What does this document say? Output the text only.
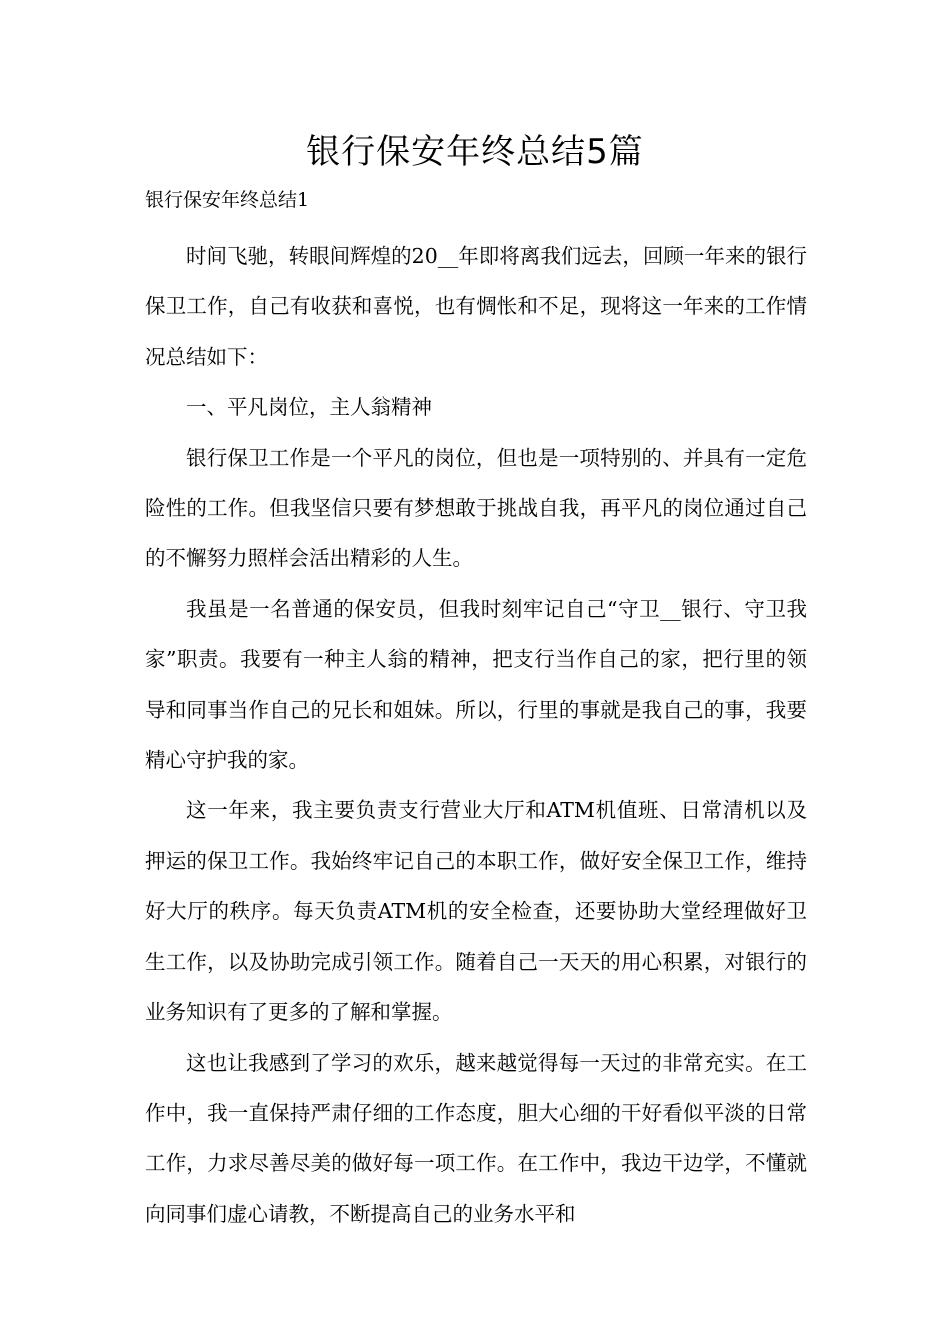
银行保安年终总结5篇

银行保安年终总结1

时间飞驰，转眼间辉煌的20__年即将离我们远去，回顾一年来的银行保卫工作，自己有收获和喜悦，也有惆怅和不足，现将这一年来的工作情况总结如下：

一、平凡岗位，主人翁精神

银行保卫工作是一个平凡的岗位，但也是一项特别的、并具有一定危险性的工作。但我坚信只要有梦想敢于挑战自我，再平凡的岗位通过自己的不懈努力照样会活出精彩的人生。

我虽是一名普通的保安员，但我时刻牢记自己“守卫__银行、守卫我家”职责。我要有一种主人翁的精神，把支行当作自己的家，把行里的领导和同事当作自己的兄长和姐妹。所以，行里的事就是我自己的事，我要精心守护我的家。

这一年来，我主要负责支行营业大厅和ATM机值班、日常清机以及押运的保卫工作。我始终牢记自己的本职工作，做好安全保卫工作，维持好大厅的秩序。每天负责ATM机的安全检查，还要协助大堂经理做好卫生工作，以及协助完成引领工作。随着自己一天天的用心积累，对银行的业务知识有了更多的了解和掌握。

这也让我感到了学习的欢乐，越来越觉得每一天过的非常充实。在工作中，我一直保持严肃仔细的工作态度，胆大心细的干好看似平淡的日常工作，力求尽善尽美的做好每一项工作。在工作中，我边干边学，不懂就向同事们虚心请教，不断提高自己的业务水平和
